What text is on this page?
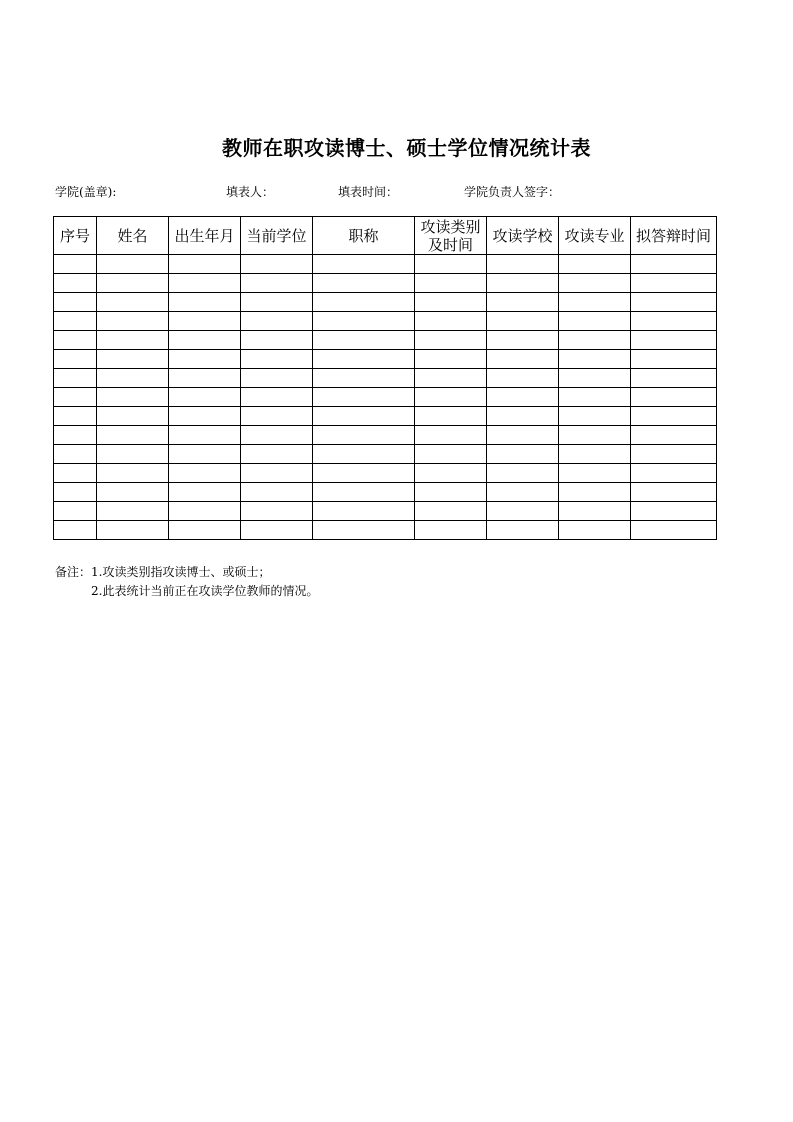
教师在职攻读博士、硕士学位情况统计表
学院(盖章):	填表人：	填表时间：	学院负责人签字：
序号	姓名	出生年月	当前学位	职称	攻读类别及时间	攻读学校	攻读专业	拟答辩时间

备注：1.攻读类别指攻读博士、或硕士；
2.此表统计当前正在攻读学位教师的情况。
